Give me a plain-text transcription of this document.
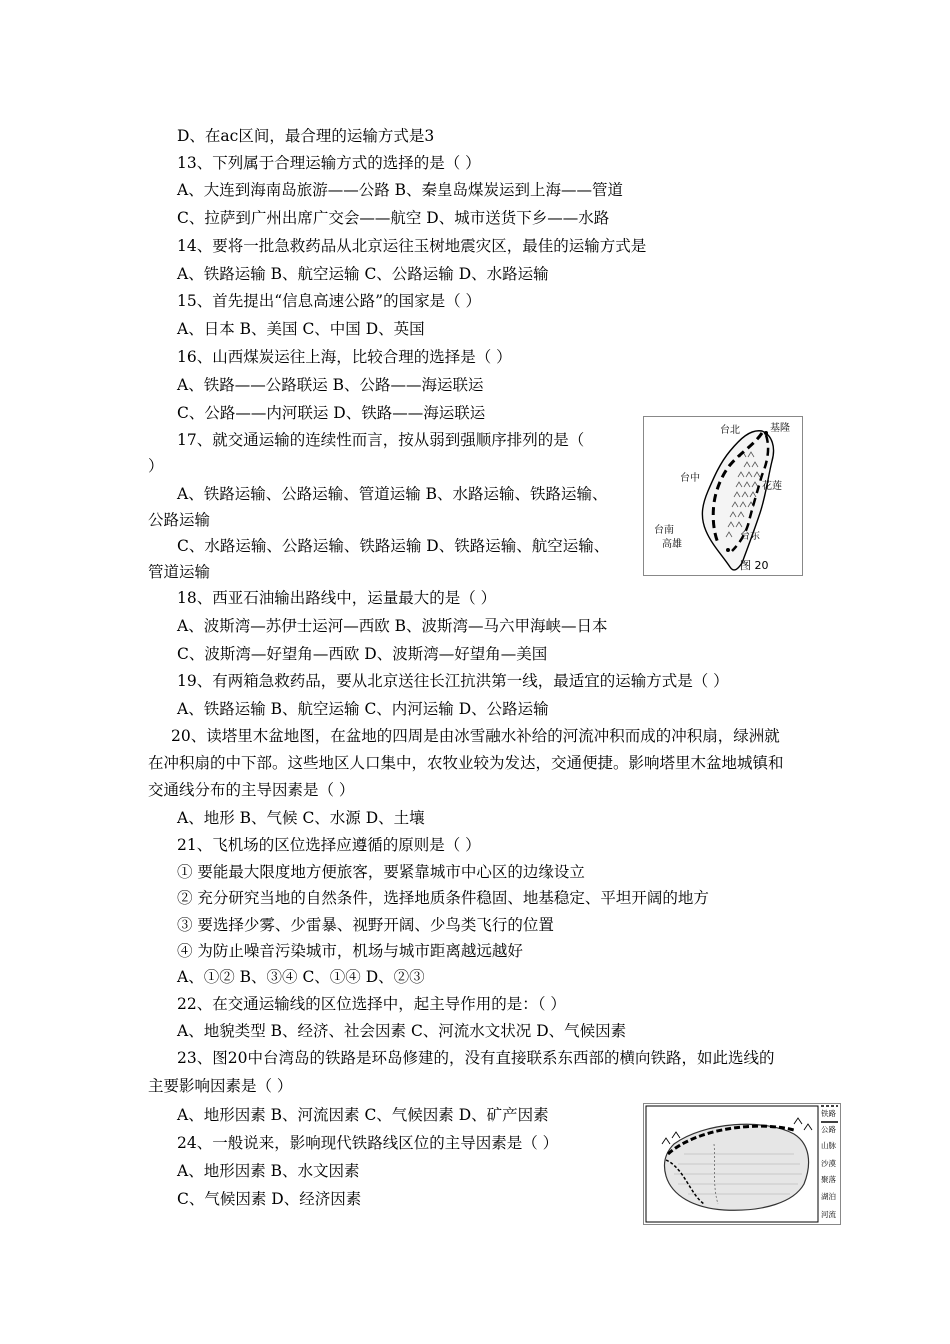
D、在ac区间，最合理的运输方式是3
13、下列属于合理运输方式的选择的是（ ）
A、大连到海南岛旅游——公路 B、秦皇岛煤炭运到上海——管道
C、拉萨到广州出席广交会——航空 D、城市送货下乡——水路
14、要将一批急救药品从北京运往玉树地震灾区，最佳的运输方式是
A、铁路运输 B、航空运输 C、公路运输 D、水路运输
15、首先提出“信息高速公路”的国家是（ ）
A、日本 B、美国 C、中国 D、英国
16、山西煤炭运往上海，比较合理的选择是（ ）
A、铁路——公路联运 B、公路——海运联运
C、公路——内河联运 D、铁路——海运联运
17、就交通运输的连续性而言，按从弱到强顺序排列的是（
）
A、铁路运输、公路运输、管道运输 B、水路运输、铁路运输、
公路运输
C、水路运输、公路运输、铁路运输 D、铁路运输、航空运输、
管道运输
18、西亚石油输出路线中，运量最大的是（ ）
A、波斯湾—苏伊士运河—西欧 B、波斯湾—马六甲海峡—日本
C、波斯湾—好望角—西欧 D、波斯湾—好望角—美国
19、有两箱急救药品，要从北京送往长江抗洪第一线，最适宜的运输方式是（ ）
A、铁路运输 B、航空运输 C、内河运输 D、公路运输
20、读塔里木盆地图，在盆地的四周是由冰雪融水补给的河流冲积而成的冲积扇，绿洲就
在冲积扇的中下部。这些地区人口集中，农牧业较为发达，交通便捷。影响塔里木盆地城镇和
交通线分布的主导因素是（ ）
A、地形 B、气候 C、水源 D、土壤
21、飞机场的区位选择应遵循的原则是（ ）
① 要能最大限度地方便旅客，要紧靠城市中心区的边缘设立
② 充分研究当地的自然条件，选择地质条件稳固、地基稳定、平坦开阔的地方
③ 要选择少雾、少雷暴、视野开阔、少鸟类飞行的位置
④ 为防止噪音污染城市，机场与城市距离越远越好
A、①② B、③④ C、①④ D、②③
22、在交通运输线的区位选择中，起主导作用的是：（ ）
A、地貌类型 B、经济、社会因素 C、河流水文状况 D、气候因素
23、图20中台湾岛的铁路是环岛修建的，没有直接联系东西部的横向铁路，如此选线的
主要影响因素是（ ）
A、地形因素 B、河流因素 C、气候因素 D、矿产因素
24、一般说来，影响现代铁路线区位的主导因素是（ ）
A、地形因素 B、水文因素
C、气候因素 D、经济因素
台北	基隆
台中
花莲
台南
高雄
台东
图 20
铁路
公路
山脉
沙漠
聚落
湖泊
河流
